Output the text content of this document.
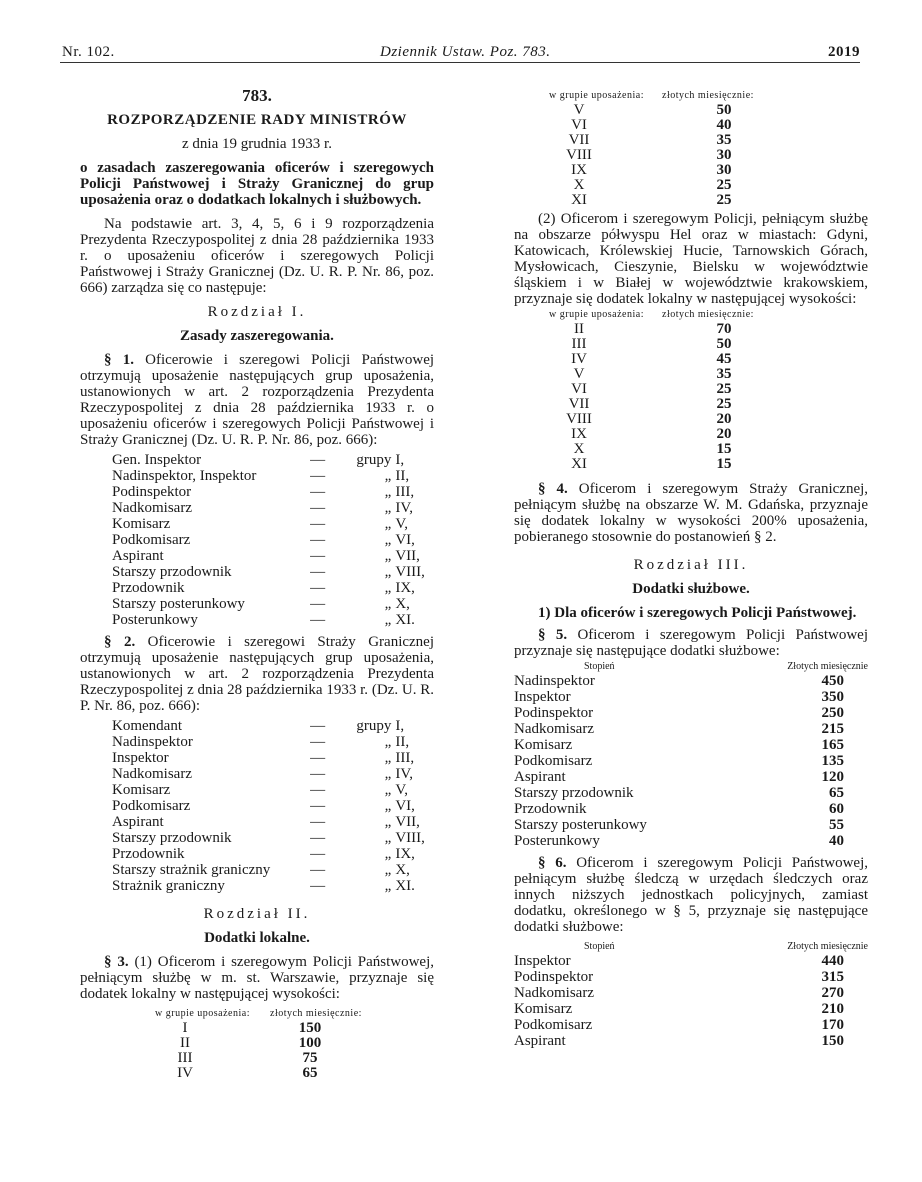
Nr. 102.	Dziennik Ustaw. Poz. 783.	2019
783.
ROZPORZĄDZENIE RADY MINISTRÓW
z dnia 19 grudnia 1933 r.

o zasadach zaszeregowania oficerów i szeregowych Policji Państwowej i Straży Granicznej do grup uposażenia oraz o dodatkach lokalnych i służbowych.

Na podstawie art. 3, 4, 5, 6 i 9 rozporządzenia Prezydenta Rzeczypospolitej z dnia 28 października 1933 r. o uposażeniu oficerów i szeregowych Policji Państwowej i Straży Granicznej (Dz. U. R. P. Nr. 86, poz. 666) zarządza się co następuje:

Rozdział I.
Zasady zaszeregowania.

§ 1. Oficerowie i szeregowi Policji Państwowej otrzymują uposażenie następujących grup uposażenia, ustanowionych w art. 2 rozporządzenia Prezydenta Rzeczypospolitej z dnia 28 października 1933 r. o uposażeniu oficerów i szeregowych Policji Państwowej i Straży Granicznej (Dz. U. R. P. Nr. 86, poz. 666):

Gen. Inspektor	—	grupy I,
Nadinspektor, Inspektor	—	„ II,
Podinspektor	—	„ III,
Nadkomisarz	—	„ IV,
Komisarz	—	„ V,
Podkomisarz	—	„ VI,
Aspirant	—	„ VII,
Starszy przodownik	—	„ VIII,
Przodownik	—	„ IX,
Starszy posterunkowy	—	„ X,
Posterunkowy	—	„ XI.

§ 2. Oficerowie i szeregowi Straży Granicznej otrzymują uposażenie następujących grup uposażenia, ustanowionych w art. 2 rozporządzenia Prezydenta Rzeczypospolitej z dnia 28 października 1933 r. (Dz. U. R. P. Nr. 86, poz. 666):

Komendant	—	grupy I,
Nadinspektor	—	„ II,
Inspektor	—	„ III,
Nadkomisarz	—	„ IV,
Komisarz	—	„ V,
Podkomisarz	—	„ VI,
Aspirant	—	„ VII,
Starszy przodownik	—	„ VIII,
Przodownik	—	„ IX,
Starszy strażnik graniczny	—	„ X,
Strażnik graniczny	—	„ XI.
Rozdział II.
Dodatki lokalne.

§ 3. (1) Oficerom i szeregowym Policji Państwowej, pełniącym służbę w m. st. Warszawie, przyznaje się dodatek lokalny w następującej wysokości:

w grupie uposażenia:	złotych miesięcznie:
I	150
II	100
III	75
IV	65
w grupie uposażenia:	złotych miesięcznie:
V	50
VI	40
VII	35
VIII	30
IX	30
X	25
XI	25

(2) Oficerom i szeregowym Policji, pełniącym służbę na obszarze półwyspu Hel oraz w miastach: Gdyni, Katowicach, Królewskiej Hucie, Tarnowskich Górach, Mysłowicach, Cieszynie, Bielsku w województwie śląskiem i w Białej w województwie krakowskiem, przyznaje się dodatek lokalny w następującej wysokości:

w grupie uposażenia:	złotych miesięcznie:
II	70
III	50
IV	45
V	35
VI	25
VII	25
VIII	20
IX	20
X	15
XI	15

§ 4. Oficerom i szeregowym Straży Granicznej, pełniącym służbę na obszarze W. M. Gdańska, przyznaje się dodatek lokalny w wysokości 200% uposażenia, pobieranego stosownie do postanowień § 2.

Rozdział III.
Dodatki służbowe.

1) Dla oficerów i szeregowych Policji Państwowej.

§ 5. Oficerom i szeregowym Policji Państwowej przyznaje się następujące dodatki służbowe:

Stopień	Złotych miesięcznie
Nadinspektor	450
Inspektor	350
Podinspektor	250
Nadkomisarz	215
Komisarz	165
Podkomisarz	135
Aspirant	120
Starszy przodownik	65
Przodownik	60
Starszy posterunkowy	55
Posterunkowy	40

§ 6. Oficerom i szeregowym Policji Państwowej, pełniącym służbę śledczą w urzędach śledczych oraz innych niższych jednostkach policyjnych, zamiast dodatku, określonego w § 5, przyznaje się następujące dodatki służbowe:

Stopień	Złotych miesięcznie
Inspektor	440
Podinspektor	315
Nadkomisarz	270
Komisarz	210
Podkomisarz	170
Aspirant	150
